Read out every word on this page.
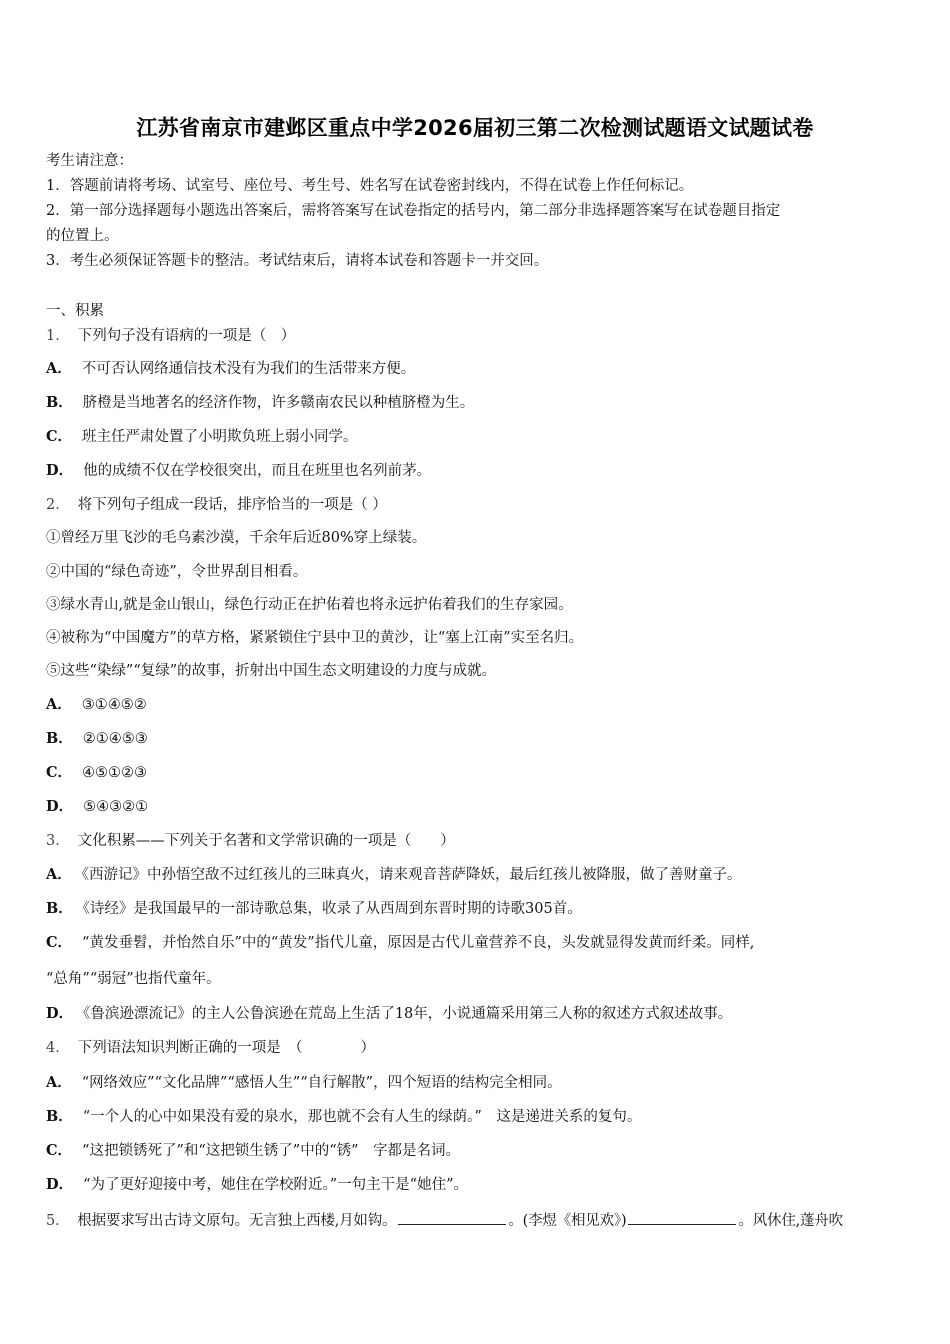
江苏省南京市建邺区重点中学2026届初三第二次检测试题语文试题试卷
考生请注意：
1．答题前请将考场、试室号、座位号、考生号、姓名写在试卷密封线内，不得在试卷上作任何标记。
2．第一部分选择题每小题选出答案后，需将答案写在试卷指定的括号内，第二部分非选择题答案写在试卷题目指定
的位置上。
3．考生必须保证答题卡的整洁。考试结束后，请将本试卷和答题卡一并交回。
一、积累
1． 下列句子没有语病的一项是（　）
A． 不可否认网络通信技术没有为我们的生活带来方便。
B． 脐橙是当地著名的经济作物，许多赣南农民以种植脐橙为生。
C． 班主任严肃处置了小明欺负班上弱小同学。
D． 他的成绩不仅在学校很突出，而且在班里也名列前茅。
2． 将下列句子组成一段话，排序恰当的一项是（ ）
①曾经万里飞沙的毛乌素沙漠，千余年后近80%穿上绿装。
②中国的“绿色奇迹”，令世界刮目相看。
③绿水青山,就是金山银山，绿色行动正在护佑着也将永远护佑着我们的生存家园。
④被称为“中国魔方”的草方格，紧紧锁住宁县中卫的黄沙，让“塞上江南”实至名归。
⑤这些“染绿”“复绿”的故事，折射出中国生态文明建设的力度与成就。
A． ③①④⑤②
B． ②①④⑤③
C． ④⑤①②③
D． ⑤④③②①
3． 文化积累——下列关于名著和文学常识确的一项是（　　）
A． 《西游记》中孙悟空敌不过红孩儿的三昧真火，请来观音菩萨降妖，最后红孩儿被降服，做了善财童子。
B． 《诗经》是我国最早的一部诗歌总集，收录了从西周到东晋时期的诗歌305首。
C． “黄发垂髫，并怡然自乐”中的“黄发”指代儿童，原因是古代儿童营养不良，头发就显得发黄而纤柔。同样,
“总角”“弱冠”也指代童年。
D． 《鲁滨逊漂流记》的主人公鲁滨逊在荒岛上生活了18年，小说通篇采用第三人称的叙述方式叙述故事。
4． 下列语法知识判断正确的一项是　（　　　　）
A． “网络效应”“文化品牌”“感悟人生”“自行解散”，四个短语的结构完全相同。
B． “一个人的心中如果没有爱的泉水，那也就不会有人生的绿荫。”　这是递进关系的复句。
C． “这把锁锈死了”和“这把锁生锈了”中的“锈”　字都是名词。
D． “为了更好迎接中考，她住在学校附近。”一句主干是“她住”。
5． 根据要求写出古诗文原句。无言独上西楼,月如钩。	。(李煜《相见欢》)	。风休住,蓬舟吹
